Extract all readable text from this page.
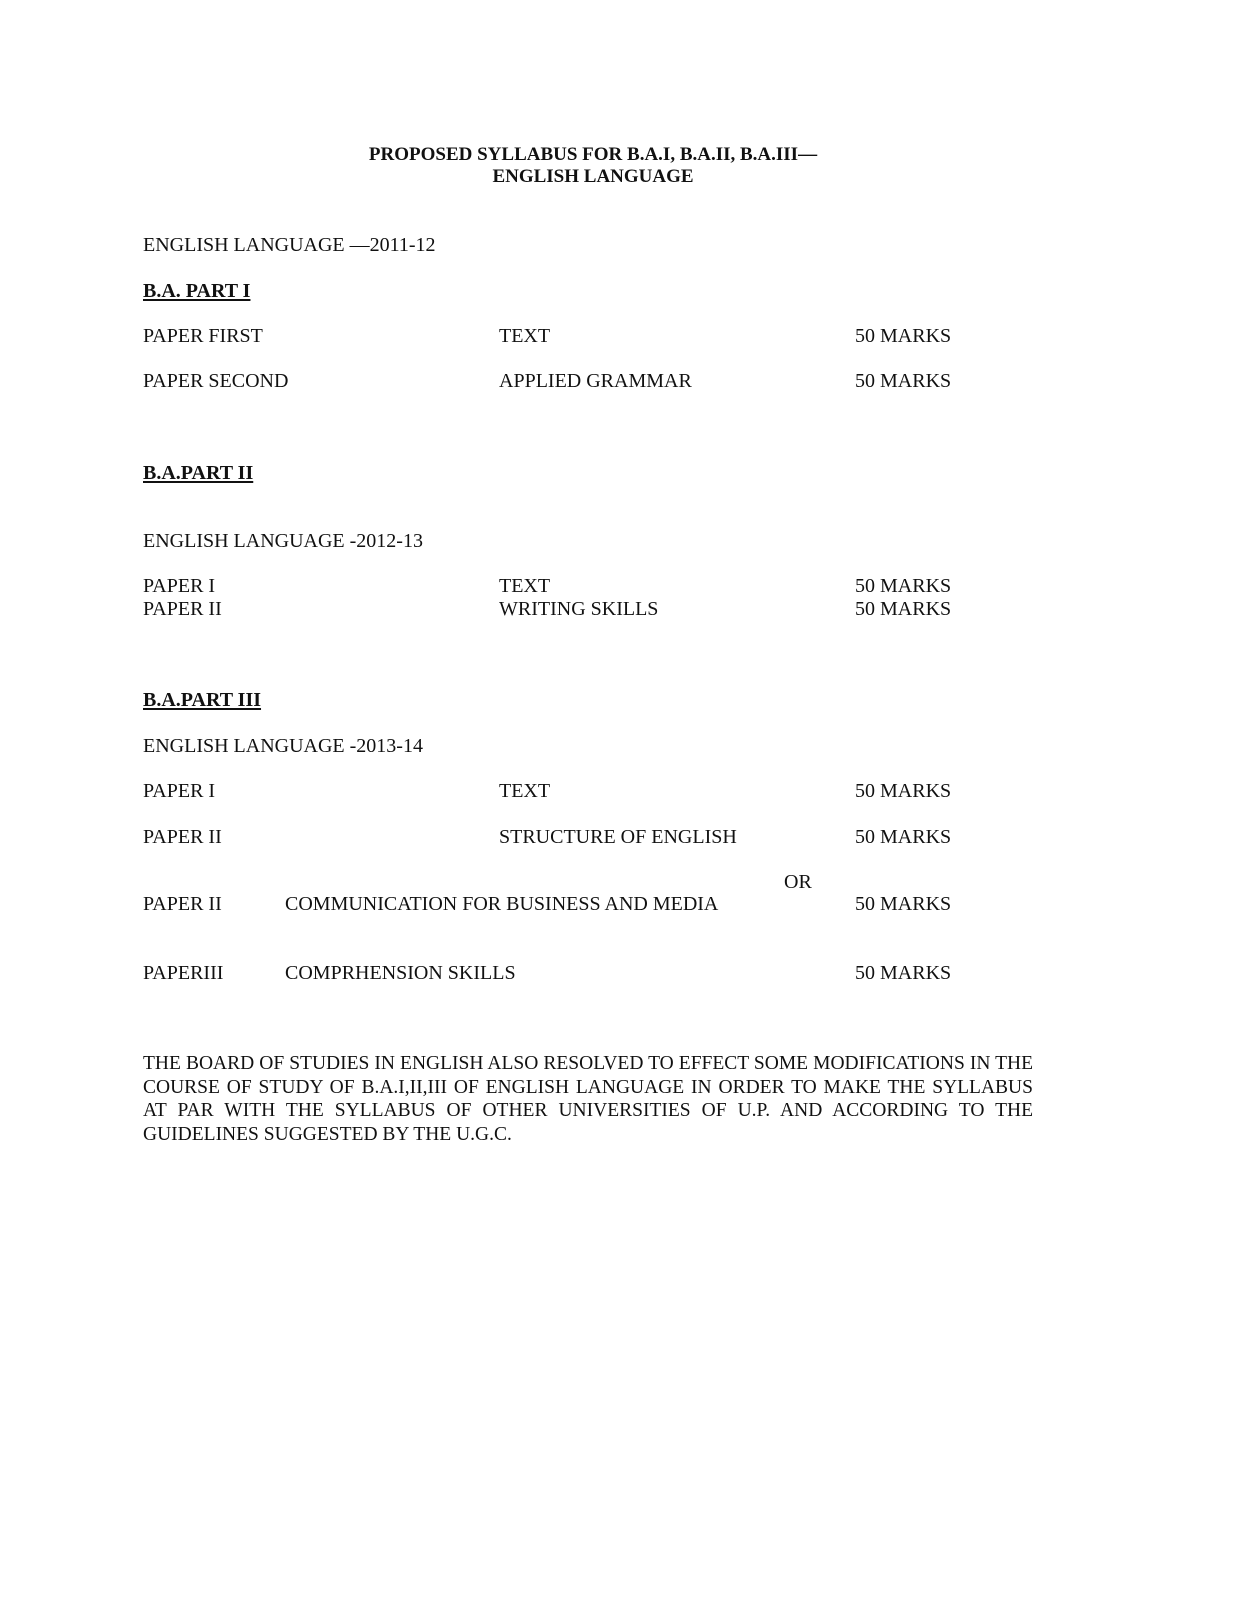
PROPOSED SYLLABUS FOR B.A.I, B.A.II, B.A.III—
ENGLISH LANGUAGE
ENGLISH LANGUAGE —2011-12
B.A. PART I
PAPER FIRST	TEXT	50 MARKS
PAPER SECOND	APPLIED GRAMMAR	50 MARKS
B.A.PART II
ENGLISH LANGUAGE -2012-13
PAPER I	TEXT	50 MARKS
PAPER II	WRITING SKILLS	50 MARKS
B.A.PART III
ENGLISH LANGUAGE -2013-14
PAPER I	TEXT	50 MARKS
PAPER II	STRUCTURE OF ENGLISH	50 MARKS
OR
PAPER II	COMMUNICATION FOR BUSINESS AND MEDIA	50 MARKS
PAPERIII	COMPRHENSION SKILLS	50 MARKS
THE BOARD OF STUDIES IN ENGLISH ALSO RESOLVED TO EFFECT SOME MODIFICATIONS IN THE COURSE OF STUDY OF B.A.I,II,III OF ENGLISH LANGUAGE IN ORDER TO MAKE THE SYLLABUS AT PAR WITH THE SYLLABUS OF OTHER UNIVERSITIES OF U.P. AND ACCORDING TO THE GUIDELINES SUGGESTED BY THE U.G.C.
